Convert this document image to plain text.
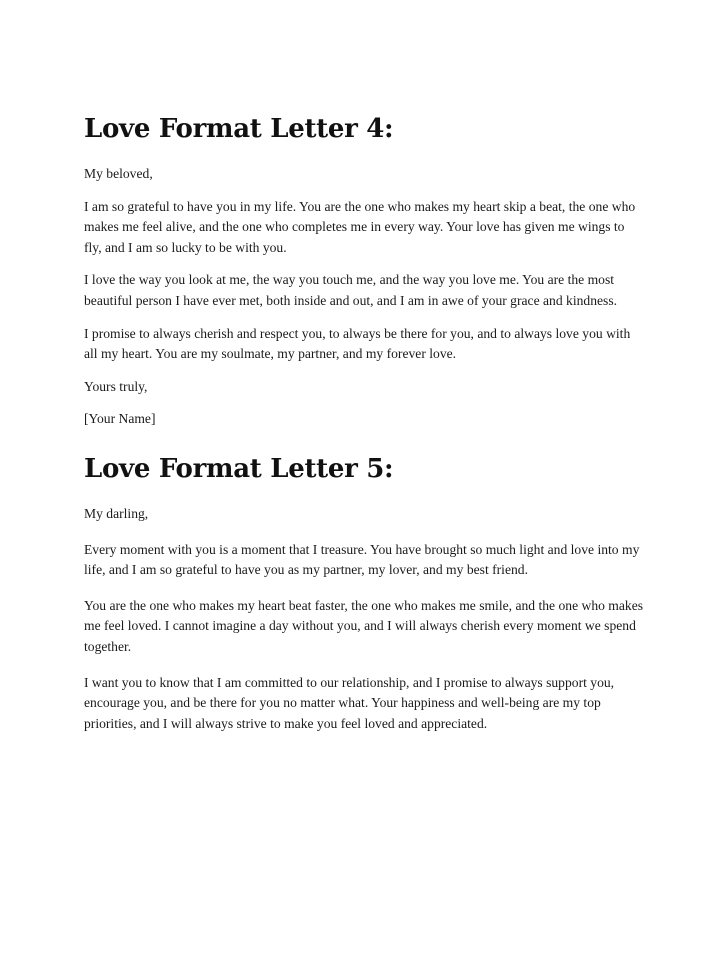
Love Format Letter 4:

My beloved,

I am so grateful to have you in my life. You are the one who makes my heart skip a beat, the one who makes me feel alive, and the one who completes me in every way. Your love has given me wings to fly, and I am so lucky to be with you.

I love the way you look at me, the way you touch me, and the way you love me. You are the most beautiful person I have ever met, both inside and out, and I am in awe of your grace and kindness.

I promise to always cherish and respect you, to always be there for you, and to always love you with all my heart. You are my soulmate, my partner, and my forever love.

Yours truly,

[Your Name]

Love Format Letter 5:

My darling,

Every moment with you is a moment that I treasure. You have brought so much light and love into my life, and I am so grateful to have you as my partner, my lover, and my best friend.

You are the one who makes my heart beat faster, the one who makes me smile, and the one who makes me feel loved. I cannot imagine a day without you, and I will always cherish every moment we spend together.

I want you to know that I am committed to our relationship, and I promise to always support you, encourage you, and be there for you no matter what. Your happiness and well-being are my top priorities, and I will always strive to make you feel loved and appreciated.
